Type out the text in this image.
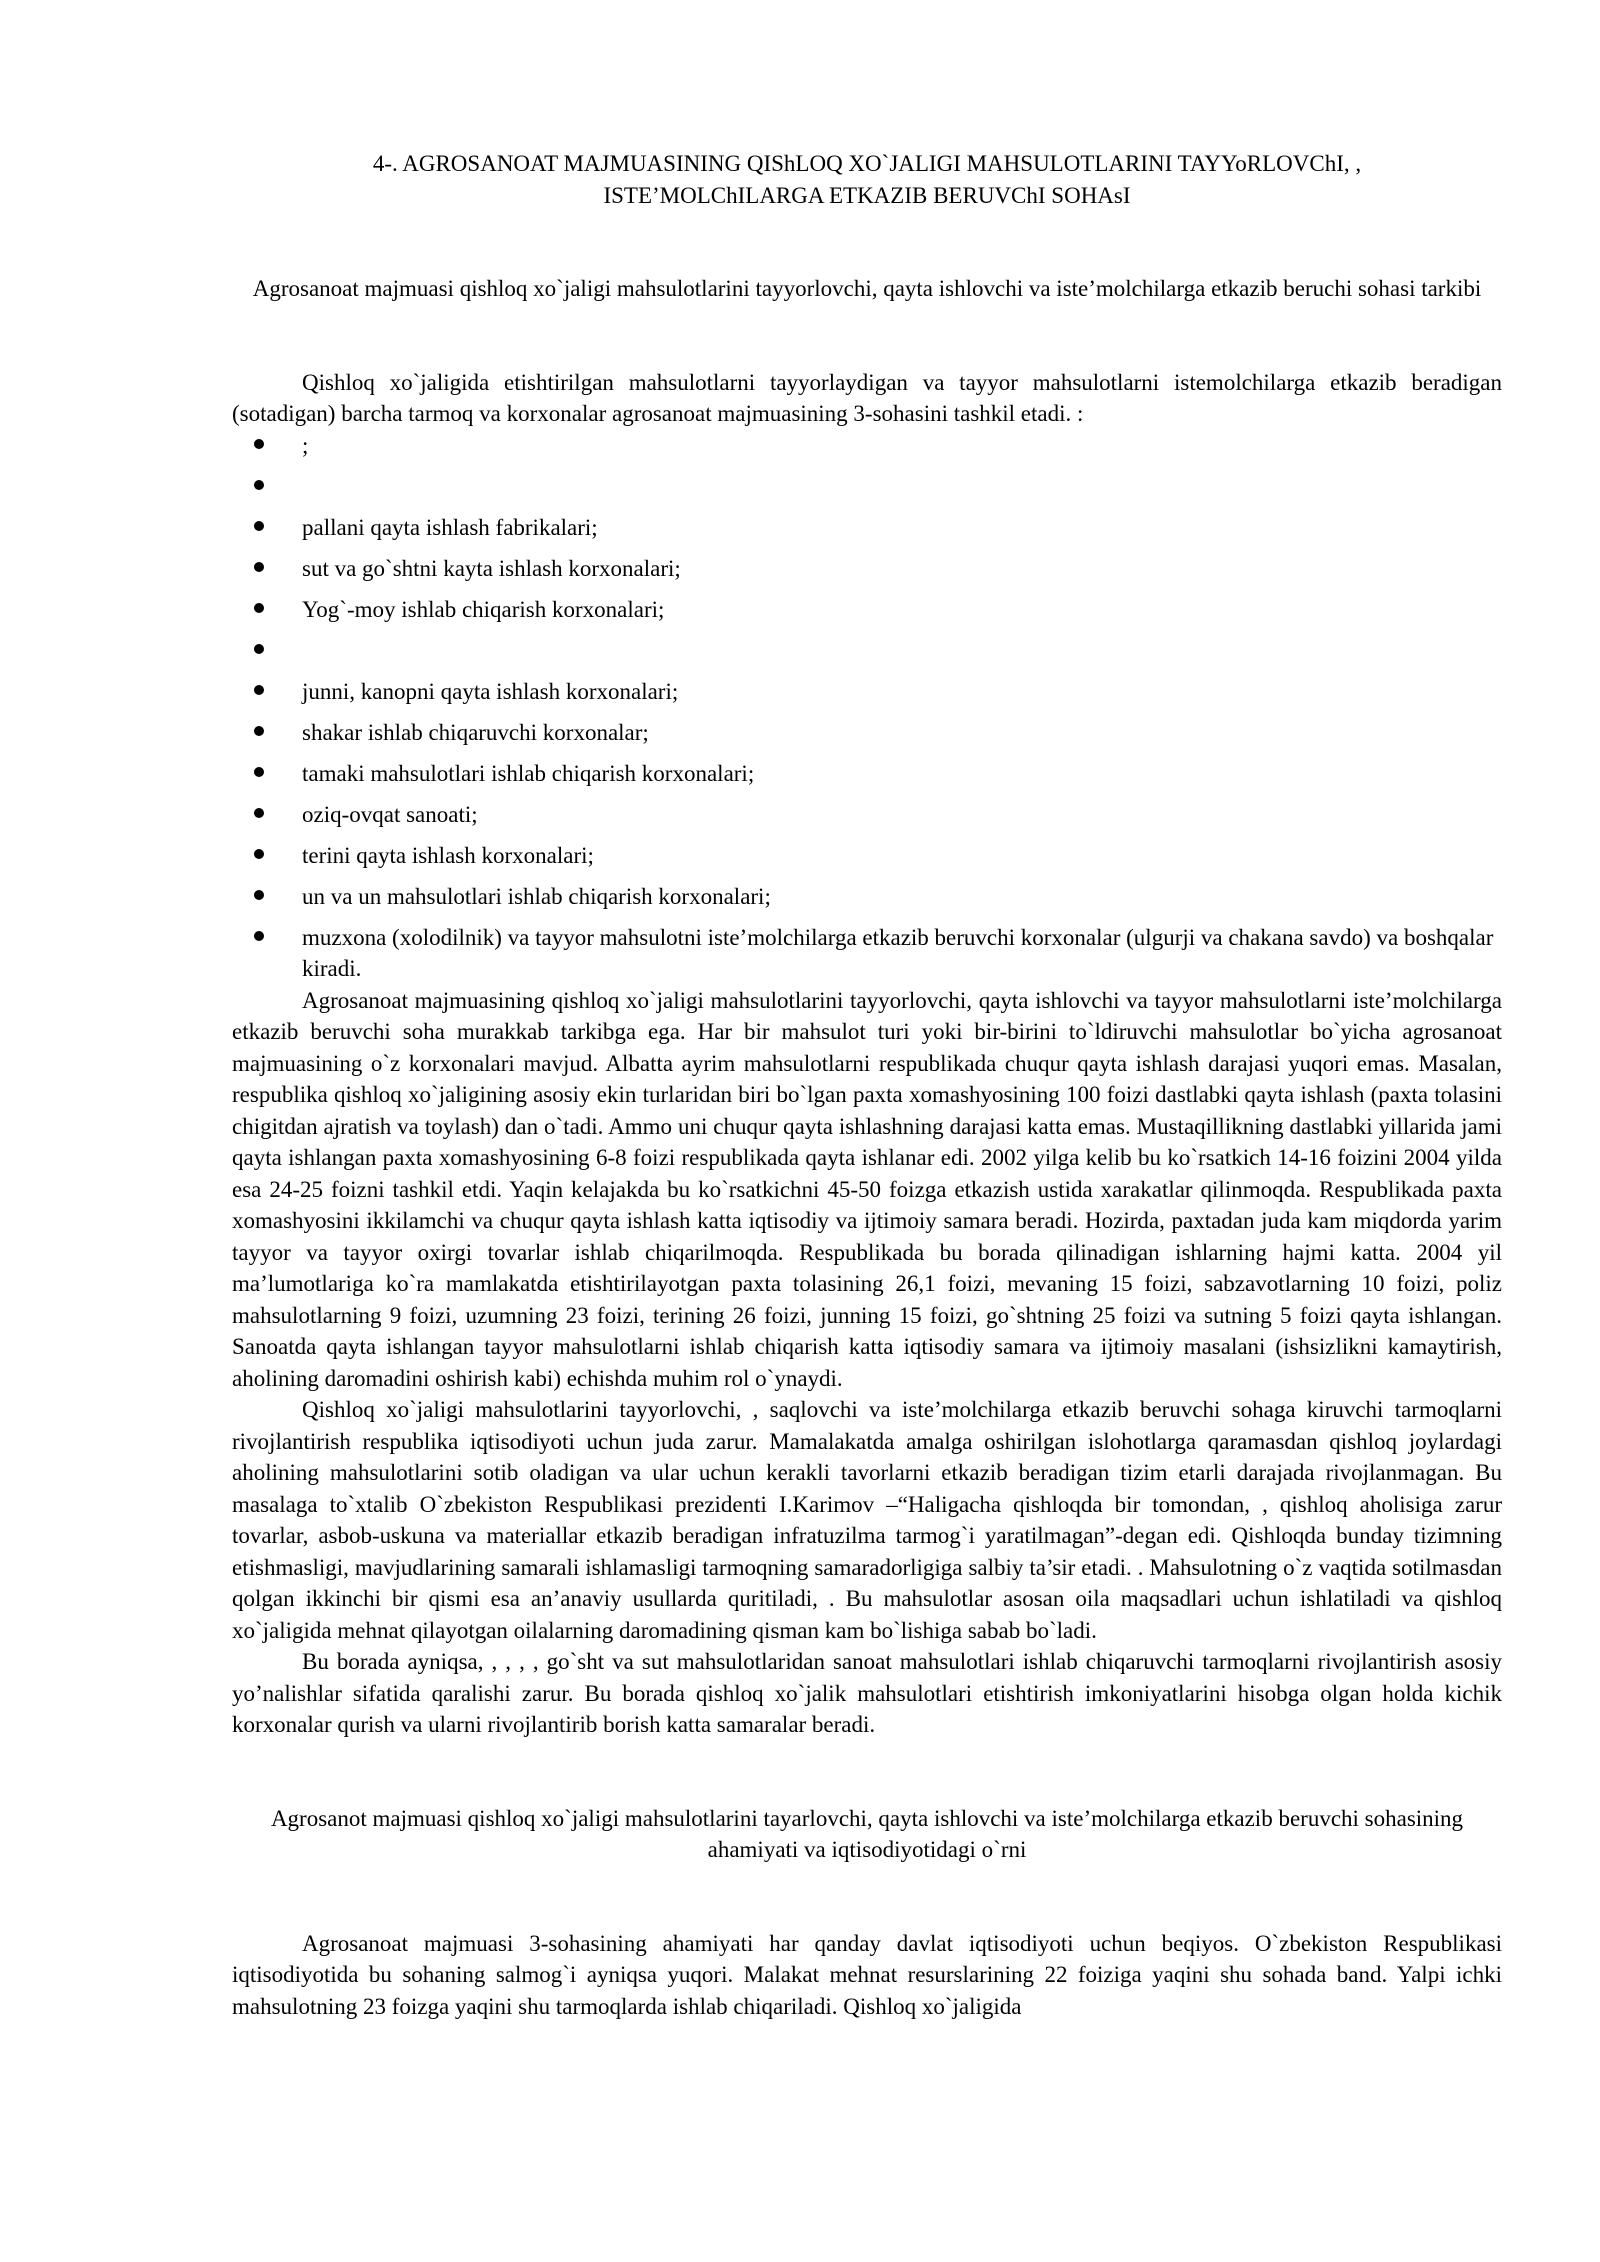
4-. AGROSANOAT MAJMUASINING QIShLOQ XO`JALIGI MAHSULOTLARINI TAYYoRLOVChI, , ISTE’MOLChILARGA ETKAZIB BERUVChI SOHAsI
Agrosanoat majmuasi qishloq xo`jaligi mahsulotlarini tayyorlovchi, qayta ishlovchi va iste’molchilarga etkazib beruchi sohasi tarkibi

Qishloq xo`jaligida etishtirilgan mahsulotlarni tayyorlaydigan va tayyor mahsulotlarni istemolchilarga etkazib beradigan (sotadigan) barcha tarmoq va korxonalar agrosanoat majmuasining 3-sohasini tashkil etadi. :

;
pallani qayta ishlash fabrikalari;
sut va go`shtni kayta ishlash korxonalari;
Yog`-moy ishlab chiqarish korxonalari;
junni, kanopni qayta ishlash korxonalari;
shakar ishlab chiqaruvchi korxonalar;
tamaki mahsulotlari ishlab chiqarish korxonalari;
oziq-ovqat sanoati;
terini qayta ishlash korxonalari;
un va un mahsulotlari ishlab chiqarish korxonalari;
muzxona (xolodilnik) va tayyor mahsulotni iste’molchilarga etkazib beruvchi korxonalar (ulgurji va chakana savdo) va boshqalar kiradi.

Agrosanoat majmuasining qishloq xo`jaligi mahsulotlarini tayyorlovchi, qayta ishlovchi va tayyor mahsulotlarni iste’molchilarga etkazib beruvchi soha murakkab tarkibga ega. Har bir mahsulot turi yoki bir-birini to`ldiruvchi mahsulotlar bo`yicha agrosanoat majmuasining o`z korxonalari mavjud. Albatta ayrim mahsulotlarni respublikada chuqur qayta ishlash darajasi yuqori emas. Masalan, respublika qishloq xo`jaligining asosiy ekin turlaridan biri bo`lgan paxta xomashyosining 100 foizi dastlabki qayta ishlash (paxta tolasini chigitdan ajratish va toylash) dan o`tadi. Ammo uni chuqur qayta ishlashning darajasi katta emas. Mustaqillikning dastlabki yillarida jami qayta ishlangan paxta xomashyosining 6-8 foizi respublikada qayta ishlanar edi. 2002 yilga kelib bu ko`rsatkich 14-16 foizini 2004 yilda esa 24-25 foizni tashkil etdi. Yaqin kelajakda bu ko`rsatkichni 45-50 foizga etkazish ustida xarakatlar qilinmoqda. Respublikada paxta xomashyosini ikkilamchi va chuqur qayta ishlash katta iqtisodiy va ijtimoiy samara beradi. Hozirda, paxtadan juda kam miqdorda yarim tayyor va tayyor oxirgi tovarlar ishlab chiqarilmoqda. Respublikada bu borada qilinadigan ishlarning hajmi katta. 2004 yil ma’lumotlariga ko`ra mamlakatda etishtirilayotgan paxta tolasining 26,1 foizi, mevaning 15 foizi, sabzavotlarning 10 foizi, poliz mahsulotlarning 9 foizi, uzumning 23 foizi, terining 26 foizi, junning 15 foizi, go`shtning 25 foizi va sutning 5 foizi qayta ishlangan. Sanoatda qayta ishlangan tayyor mahsulotlarni ishlab chiqarish katta iqtisodiy samara va ijtimoiy masalani (ishsizlikni kamaytirish, aholining daromadini oshirish kabi) echishda muhim rol o`ynaydi.

Qishloq xo`jaligi mahsulotlarini tayyorlovchi, , saqlovchi va iste’molchilarga etkazib beruvchi sohaga kiruvchi tarmoqlarni rivojlantirish respublika iqtisodiyoti uchun juda zarur. Mamalakatda amalga oshirilgan islohotlarga qaramasdan qishloq joylardagi aholining mahsulotlarini sotib oladigan va ular uchun kerakli tavorlarni etkazib beradigan tizim etarli darajada rivojlanmagan. Bu masalaga to`xtalib O`zbekiston Respublikasi prezidenti I.Karimov –“Haligacha qishloqda bir tomondan, , qishloq aholisiga zarur tovarlar, asbob-uskuna va materiallar etkazib beradigan infratuzilma tarmog`i yaratilmagan”-degan edi. Qishloqda bunday tizimning etishmasligi, mavjudlarining samarali ishlamasligi tarmoqning samaradorligiga salbiy ta’sir etadi. . Mahsulotning o`z vaqtida sotilmasdan qolgan ikkinchi bir qismi esa an’anaviy usullarda quritiladi, . Bu mahsulotlar asosan oila maqsadlari uchun ishlatiladi va qishloq xo`jaligida mehnat qilayotgan oilalarning daromadining qisman kam bo`lishiga sabab bo`ladi.

Bu borada ayniqsa, , , , , go`sht va sut mahsulotlaridan sanoat mahsulotlari ishlab chiqaruvchi tarmoqlarni rivojlantirish asosiy yo’nalishlar sifatida qaralishi zarur. Bu borada qishloq xo`jalik mahsulotlari etishtirish imkoniyatlarini hisobga olgan holda kichik korxonalar qurish va ularni rivojlantirib borish katta samaralar beradi.

Agrosanot majmuasi qishloq xo`jaligi mahsulotlarini tayarlovchi, qayta ishlovchi va iste’molchilarga etkazib beruvchi sohasining ahamiyati va iqtisodiyotidagi o`rni

Agrosanoat majmuasi 3-sohasining ahamiyati har qanday davlat iqtisodiyoti uchun beqiyos. O`zbekiston Respublikasi iqtisodiyotida bu sohaning salmog`i ayniqsa yuqori. Malakat mehnat resurslarining 22 foiziga yaqini shu sohada band. Yalpi ichki mahsulotning 23 foizga yaqini shu tarmoqlarda ishlab chiqariladi. Qishloq xo`jaligida
